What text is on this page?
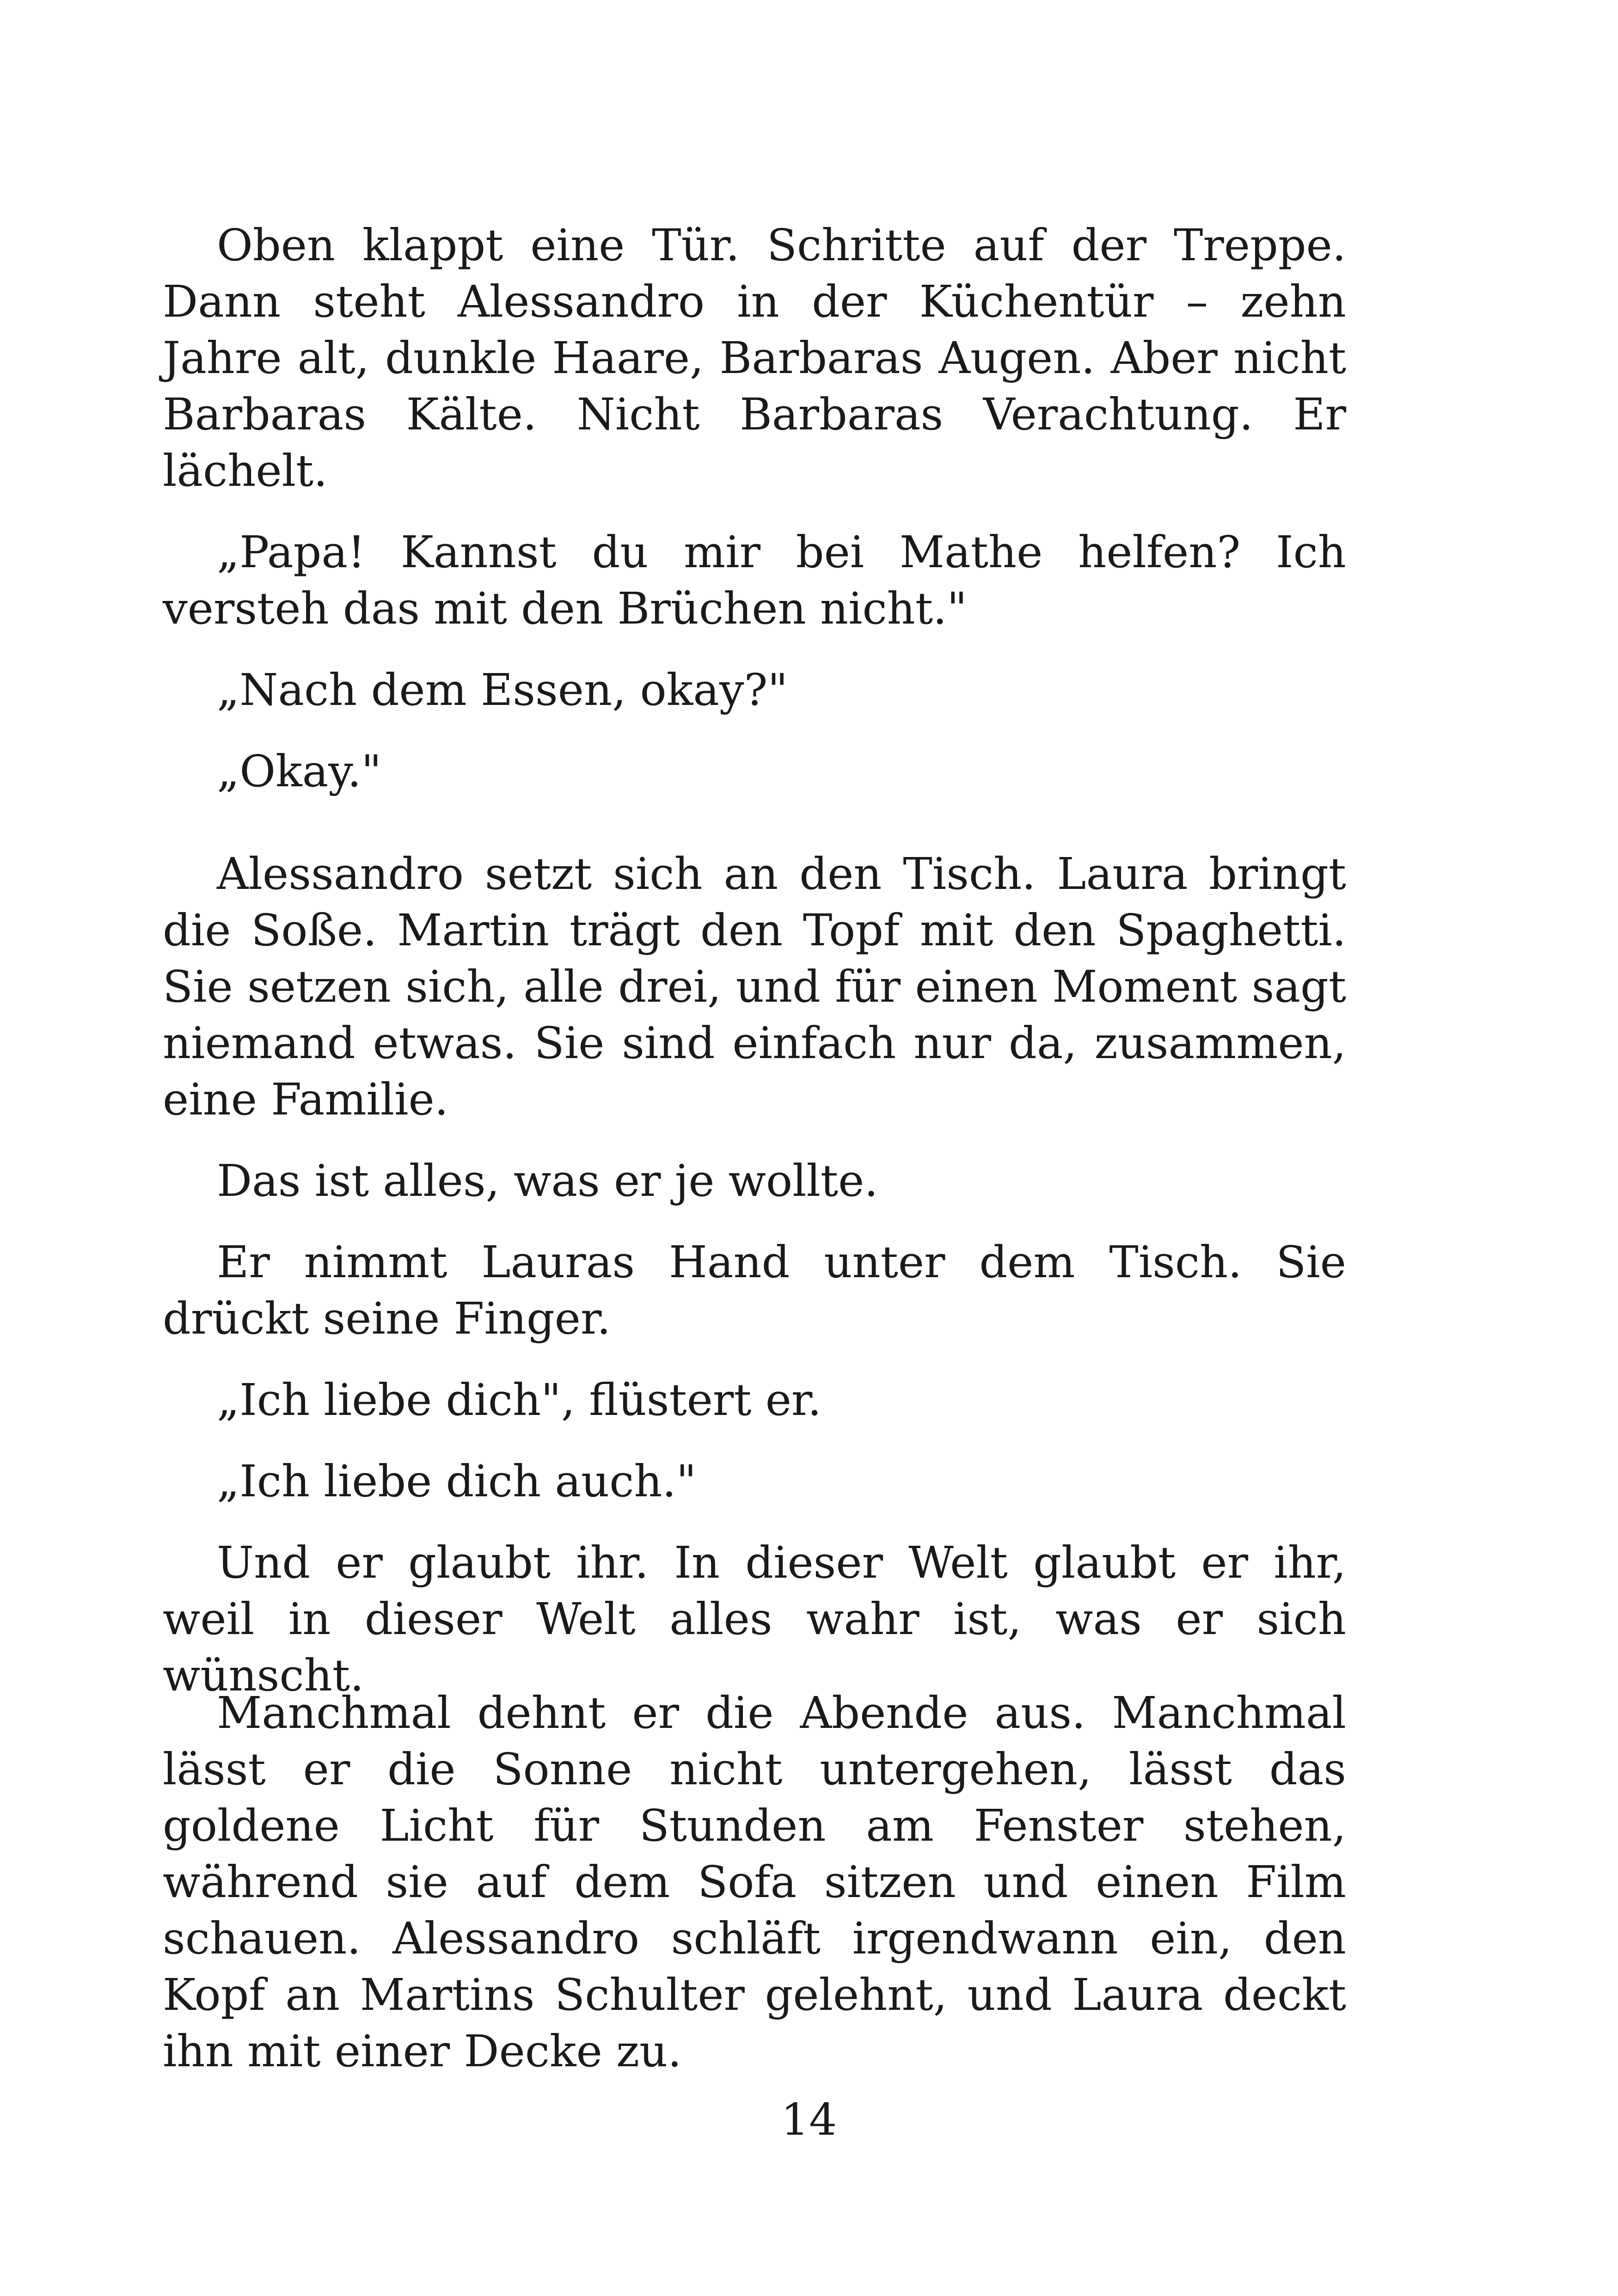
Oben klappt eine Tür. Schritte auf der Treppe. Dann steht Alessandro in der Küchentür – zehn Jahre alt, dunkle Haare, Barbaras Augen. Aber nicht Barbaras Kälte. Nicht Barbaras Verachtung. Er lächelt.

„Papa! Kannst du mir bei Mathe helfen? Ich versteh das mit den Brüchen nicht."

„Nach dem Essen, okay?"

„Okay."

Alessandro setzt sich an den Tisch. Laura bringt die Soße. Martin trägt den Topf mit den Spaghetti. Sie setzen sich, alle drei, und für einen Moment sagt niemand etwas. Sie sind einfach nur da, zusammen, eine Familie.

Das ist alles, was er je wollte.

Er nimmt Lauras Hand unter dem Tisch. Sie drückt seine Finger.

„Ich liebe dich", flüstert er.

„Ich liebe dich auch."

Und er glaubt ihr. In dieser Welt glaubt er ihr, weil in dieser Welt alles wahr ist, was er sich wünscht.

Manchmal dehnt er die Abende aus. Manchmal lässt er die Sonne nicht untergehen, lässt das goldene Licht für Stunden am Fenster stehen, während sie auf dem Sofa sitzen und einen Film schauen. Alessandro schläft irgendwann ein, den Kopf an Martins Schulter gelehnt, und Laura deckt ihn mit einer Decke zu.

14
